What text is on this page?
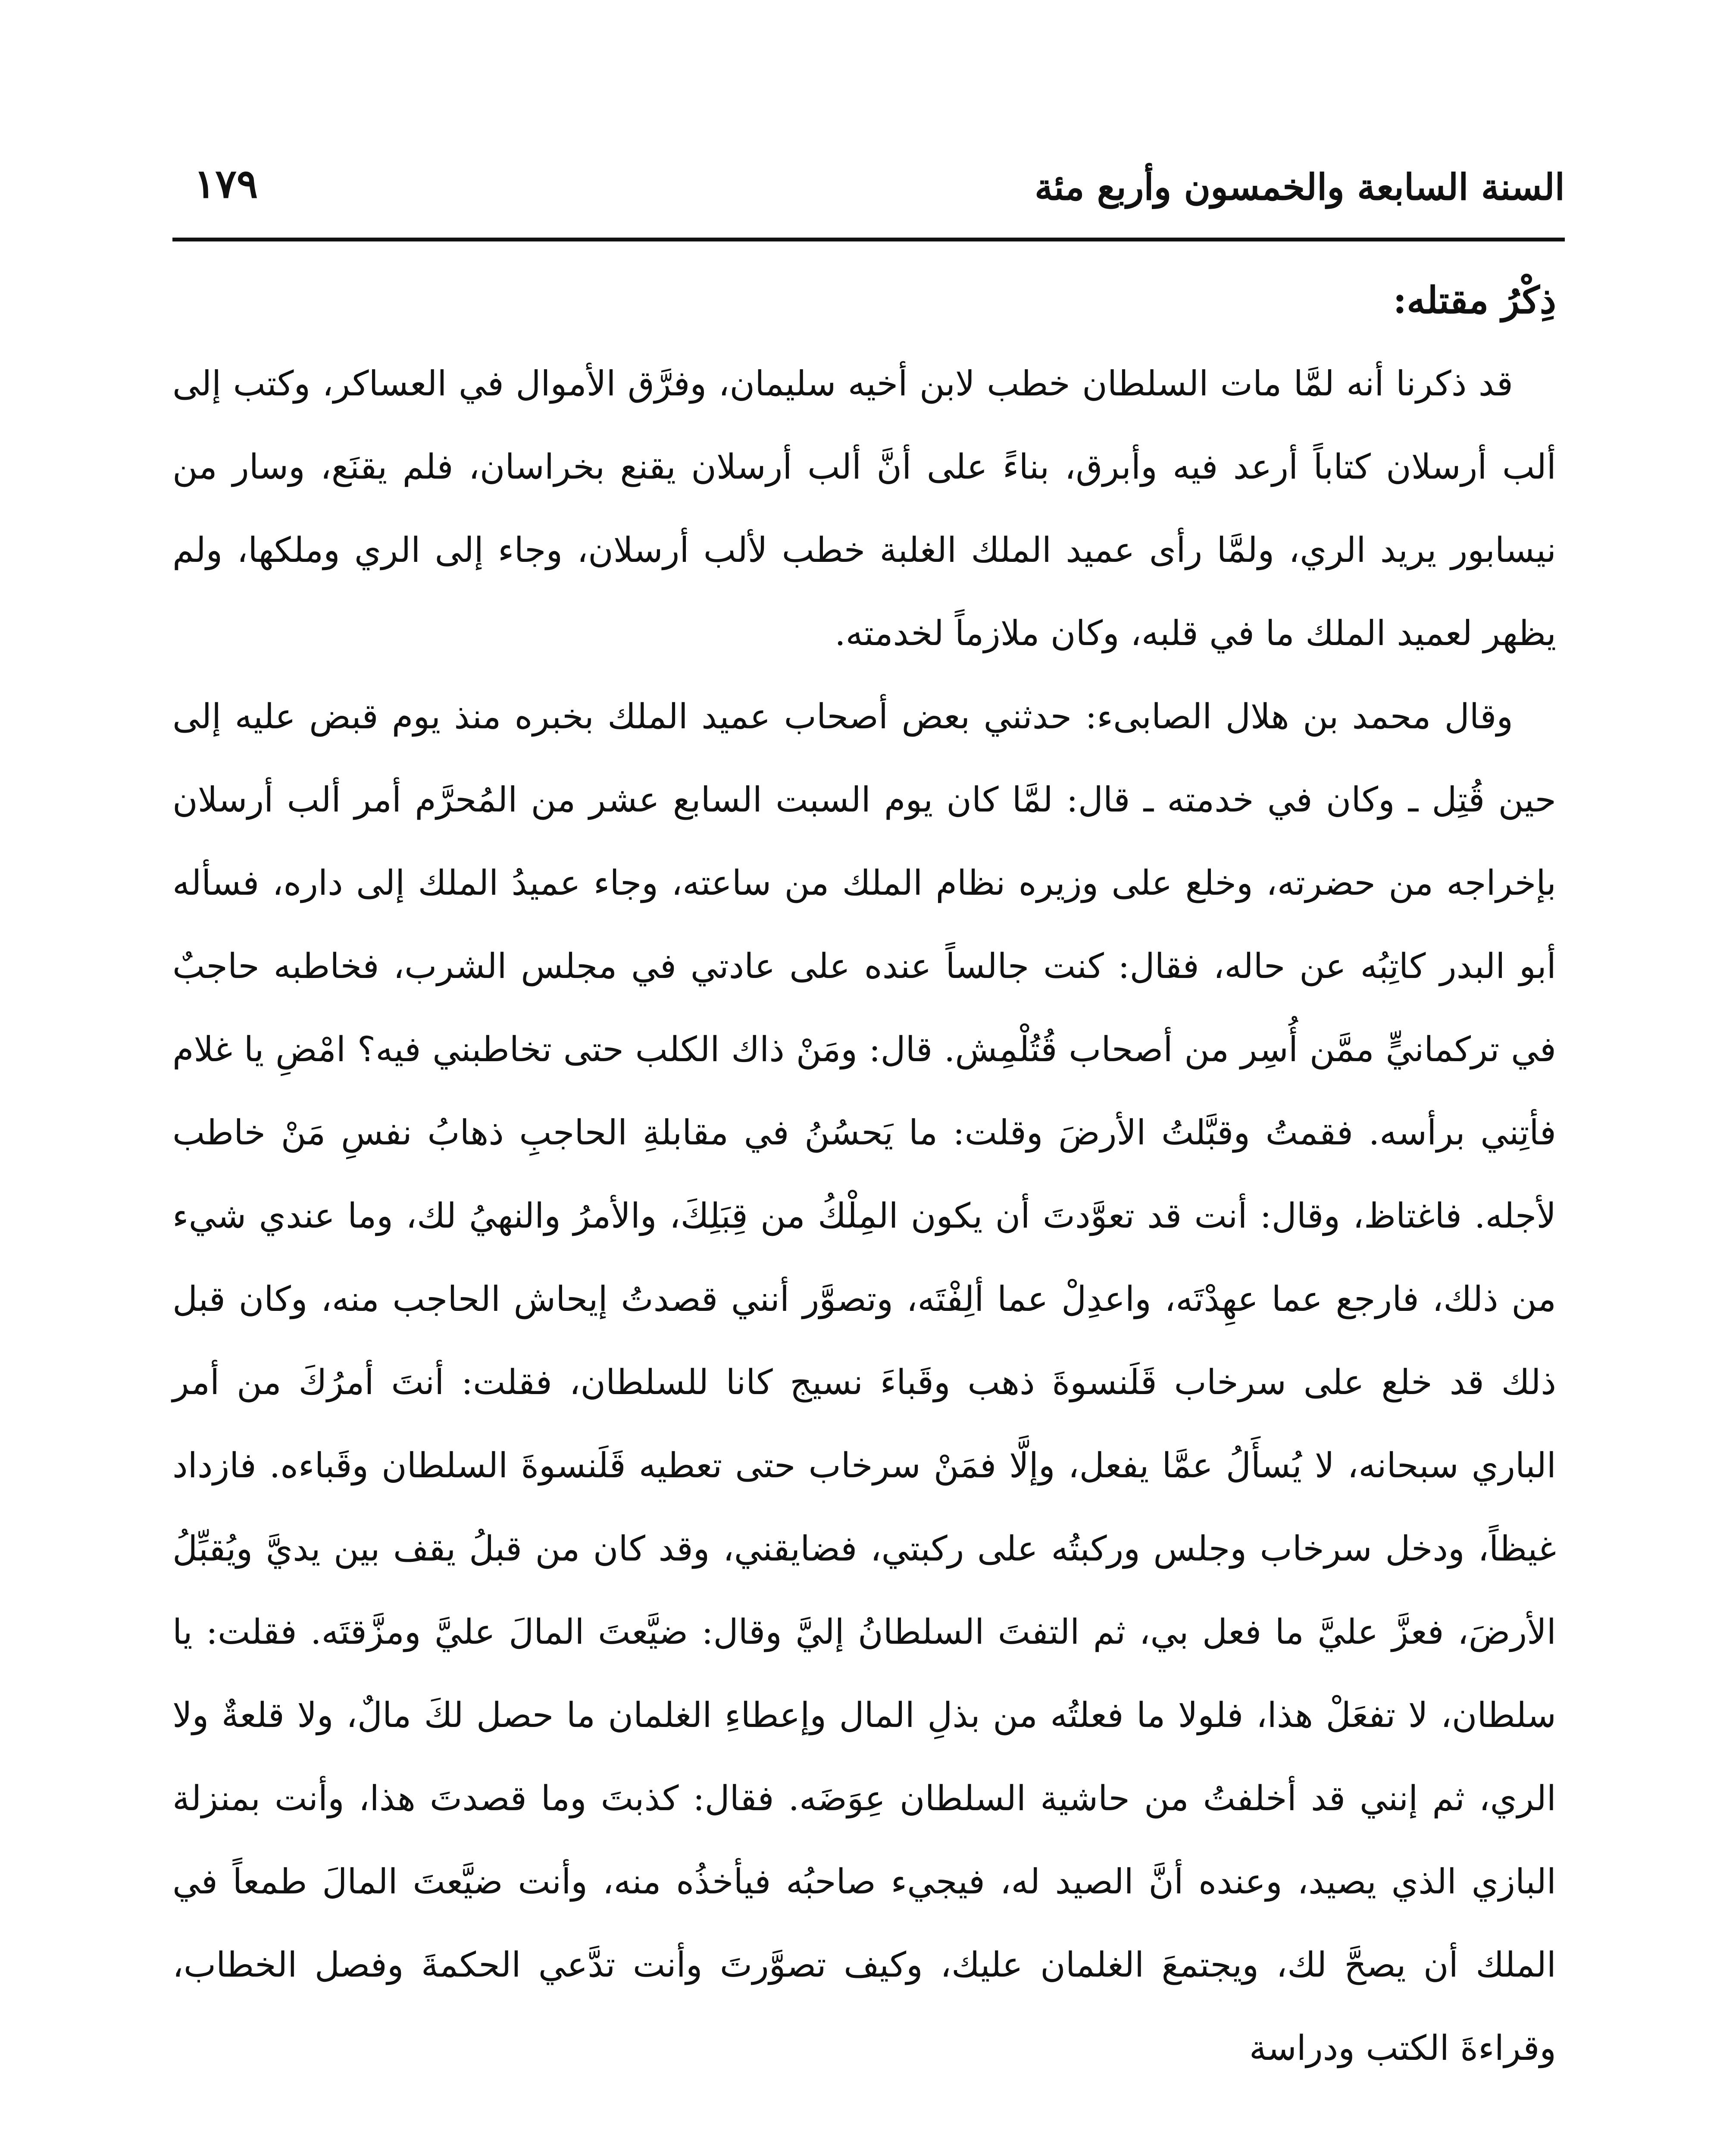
السنة السابعة والخمسون وأربع مئة
١٧٩

ذِكْرُ مقتله:

قد ذكرنا أنه لمَّا مات السلطان خطب لابن أخيه سليمان، وفرَّق الأموال في العساكر، وكتب إلى ألب أرسلان كتاباً أرعد فيه وأبرق، بناءً على أنَّ ألب أرسلان يقنع بخراسان، فلم يقنَع، وسار من نيسابور يريد الري، ولمَّا رأى عميد الملك الغلبة خطب لألب أرسلان، وجاء إلى الري وملكها، ولم يظهر لعميد الملك ما في قلبه، وكان ملازماً لخدمته.

وقال محمد بن هلال الصابىء: حدثني بعض أصحاب عميد الملك بخبره منذ يوم قبض عليه إلى حين قُتِل ـ وكان في خدمته ـ قال: لمَّا كان يوم السبت السابع عشر من المُحرَّم أمر ألب أرسلان بإخراجه من حضرته، وخلع على وزيره نظام الملك من ساعته، وجاء عميدُ الملك إلى داره، فسأله أبو البدر كاتِبُه عن حاله، فقال: كنت جالساً عنده على عادتي في مجلس الشرب، فخاطبه حاجبٌ في تركمانيٍّ ممَّن أُسِر من أصحاب قُتُلْمِش. قال: ومَنْ ذاك الكلب حتى تخاطبني فيه؟ امْضِ يا غلام فأتِني برأسه. فقمتُ وقبَّلتُ الأرضَ وقلت: ما يَحسُنُ في مقابلةِ الحاجبِ ذهابُ نفسِ مَنْ خاطب لأجله. فاغتاظ، وقال: أنت قد تعوَّدتَ أن يكون المِلْكُ من قِبَلِكَ، والأمرُ والنهيُ لك، وما عندي شيء من ذلك، فارجع عما عهِدْتَه، واعدِلْ عما ألِفْتَه، وتصوَّر أنني قصدتُ إيحاش الحاجب منه، وكان قبل ذلك قد خلع على سرخاب قَلَنسوةَ ذهب وقَباءَ نسيج كانا للسلطان، فقلت: أنتَ أمرُكَ من أمر الباري سبحانه، لا يُسأَلُ عمَّا يفعل، وإلَّا فمَنْ سرخاب حتى تعطيه قَلَنسوةَ السلطان وقَباءه. فازداد غيظاً، ودخل سرخاب وجلس وركبتُه على ركبتي، فضايقني، وقد كان من قبلُ يقف بين يديَّ ويُقبِّلُ الأرضَ، فعزَّ عليَّ ما فعل بي، ثم التفتَ السلطانُ إليَّ وقال: ضيَّعتَ المالَ عليَّ ومزَّقتَه. فقلت: يا سلطان، لا تفعَلْ هذا، فلولا ما فعلتُه من بذلِ المال وإعطاءِ الغلمان ما حصل لكَ مالٌ، ولا قلعةٌ ولا الري، ثم إنني قد أخلفتُ من حاشية السلطان عِوَضَه. فقال: كذبتَ وما قصدتَ هذا، وأنت بمنزلة البازي الذي يصيد، وعنده أنَّ الصيد له، فيجيء صاحبُه فيأخذُه منه، وأنت ضيَّعتَ المالَ طمعاً في الملك أن يصحَّ لك، ويجتمعَ الغلمان عليك، وكيف تصوَّرتَ وأنت تدَّعي الحكمةَ وفصل الخطاب، وقراءةَ الكتب ودراسة
